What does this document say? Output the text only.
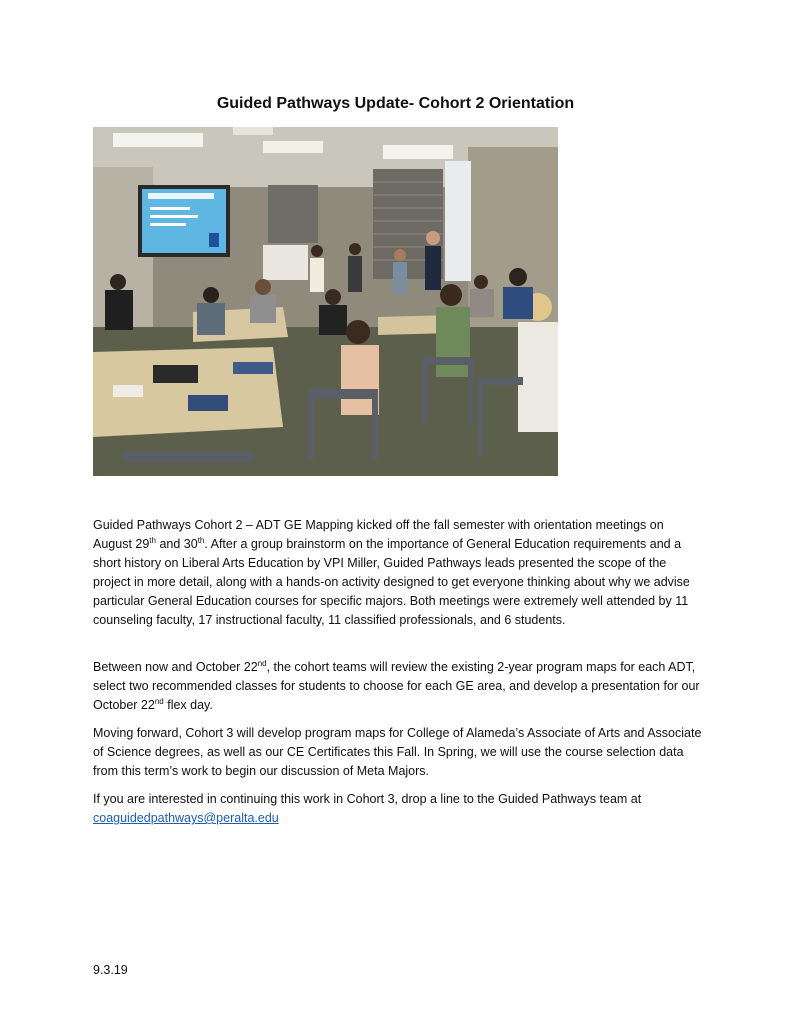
Guided Pathways Update- Cohort 2 Orientation

Guided Pathways Cohort 2 – ADT GE Mapping kicked off the fall semester with orientation meetings on August 29th and 30th. After a group brainstorm on the importance of General Education requirements and a short history on Liberal Arts Education by VPI Miller, Guided Pathways leads presented the scope of the project in more detail, along with a hands-on activity designed to get everyone thinking about why we advise particular General Education courses for specific majors. Both meetings were extremely well attended by 11 counseling faculty, 17 instructional faculty, 11 classified professionals, and 6 students.

Between now and October 22nd, the cohort teams will review the existing 2-year program maps for each ADT, select two recommended classes for students to choose for each GE area, and develop a presentation for our October 22nd flex day.

Moving forward, Cohort 3 will develop program maps for College of Alameda’s Associate of Arts and Associate of Science degrees, as well as our CE Certificates this Fall. In Spring, we will use the course selection data from this term’s work to begin our discussion of Meta Majors.

If you are interested in continuing this work in Cohort 3, drop a line to the Guided Pathways team at coaguidedpathways@peralta.edu

9.3.19
